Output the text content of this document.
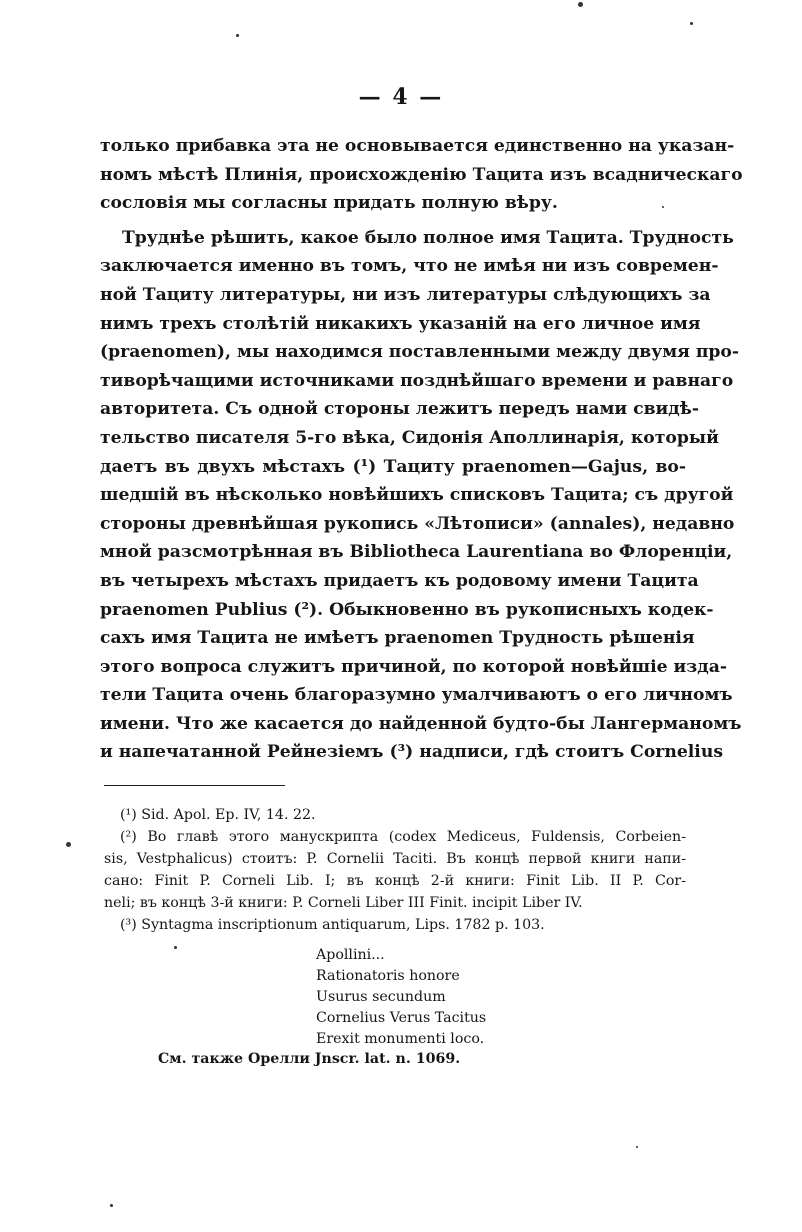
— 4 —

только прибавка эта не основывается единственно на указан-
номъ мѣстѣ Плинія, происхожденію Тацита изъ всадническаго
сословія мы согласны придать полную вѣру.

Труднѣе рѣшить, какое было полное имя Тацита. Трудность
заключается именно въ томъ, что не имѣя ни изъ современ-
ной Тациту литературы, ни изъ литературы слѣдующихъ за
нимъ трехъ столѣтій никакихъ указаній на его личное имя
(praenomen), мы находимся поставленными между двумя про-
тиворѣчащими источниками позднѣйшаго времени и равнаго
авторитета. Съ одной стороны лежитъ передъ нами свидѣ-
тельство писателя 5-го вѣка, Сидонія Аполлинарія, который
даетъ въ двухъ мѣстахъ (¹) Тациту praenomen—Gajus, во-
шедшій въ нѣсколько новѣйшихъ списковъ Тацита; съ другой
стороны древнѣйшая рукопись «Лѣтописи» (annales), недавно
мной разсмотрѣнная въ Bibliotheca Laurentiana во Флоренціи,
въ четырехъ мѣстахъ придаетъ къ родовому имени Тацита
praenomen Publius (²). Обыкновенно въ рукописныхъ кодек-
сахъ имя Тацита не имѣетъ praenomen Трудность рѣшенія
этого вопроса служитъ причиной, по которой новѣйшіе изда-
тели Тацита очень благоразумно умалчиваютъ о его личномъ
имени. Что же касается до найденной будто-бы Лангерманомъ
и напечатанной Рейнезіемъ (³) надписи, гдѣ стоитъ Cornelius

(¹) Sid. Apol. Ep. IV, 14. 22.
(²) Во главѣ этого манускрипта (codex Mediceus, Fuldensis, Corbeien-
sis, Vestphalicus) стоитъ: P. Cornelii Taciti. Въ концѣ первой книги напи-
сано: Finit P. Corneli Lib. I; въ концѣ 2-й книги: Finit Lib. II P. Cor-
neli; въ концѣ 3-й книги: P. Corneli Liber III Finit. incipit Liber IV.
(³) Syntagma inscriptionum antiquarum, Lips. 1782 p. 103.
Apollini...
Rationatoris honore
Usurus secundum
Cornelius Verus Tacitus
Erexit monumenti loco.
См. также Орелли Jnscr. lat. n. 1069.
